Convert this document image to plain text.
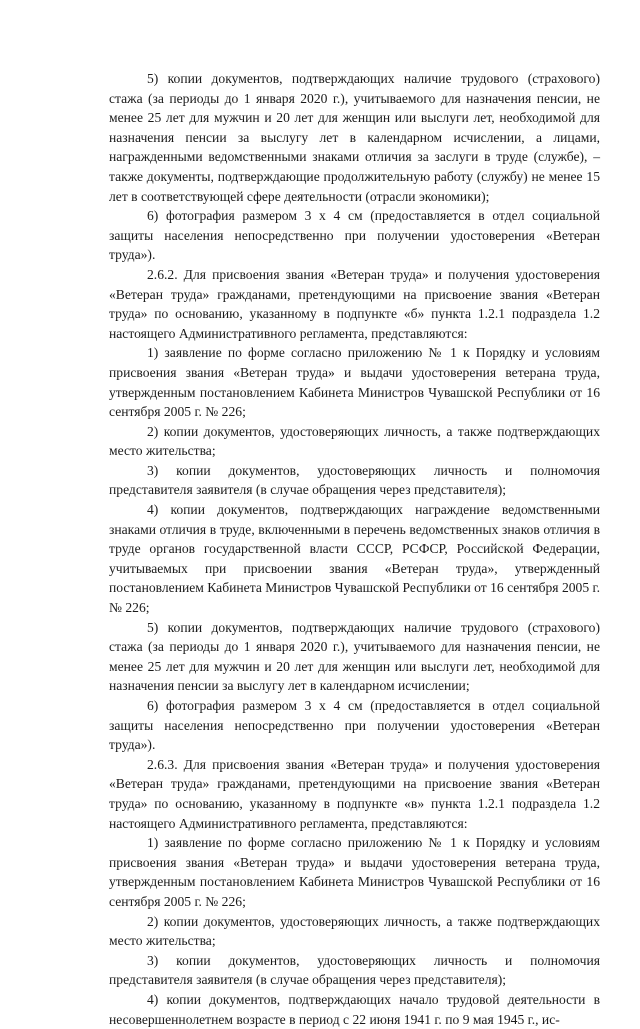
5) копии документов, подтверждающих наличие трудового (страхового) стажа (за периоды до 1 января 2020 г.), учитываемого для назначения пенсии, не менее 25 лет для мужчин и 20 лет для женщин или выслуги лет, необходимой для назначения пенсии за выслугу лет в календарном исчислении, а лицами, награжденными ведомственными знаками отличия за заслуги в труде (службе), – также документы, подтверждающие продолжительную работу (службу) не менее 15 лет в соответствующей сфере деятельности (отрасли экономики);

6) фотография размером 3 х 4 см (предоставляется в отдел социальной защиты населения непосредственно при получении удостоверения «Ветеран труда»).

2.6.2. Для присвоения звания «Ветеран труда» и получения удостоверения «Ветеран труда» гражданами, претендующими на присвоение звания «Ветеран труда» по основанию, указанному в подпункте «б» пункта 1.2.1 подраздела 1.2 настоящего Административного регламента, представляются:

1) заявление по форме согласно приложению № 1 к Порядку и условиям присвоения звания «Ветеран труда» и выдачи удостоверения ветерана труда, утвержденным постановлением Кабинета Министров Чувашской Республики от 16 сентября 2005 г. № 226;

2) копии документов, удостоверяющих личность, а также подтверждающих место жительства;

3) копии документов, удостоверяющих личность и полномочия представителя заявителя (в случае обращения через представителя);

4) копии документов, подтверждающих награждение ведомственными знаками отличия в труде, включенными в перечень ведомственных знаков отличия в труде органов государственной власти СССР, РСФСР, Российской Федерации, учитываемых при присвоении звания «Ветеран труда», утвержденный постановлением Кабинета Министров Чувашской Республики от 16 сентября 2005 г. № 226;

5) копии документов, подтверждающих наличие трудового (страхового) стажа (за периоды до 1 января 2020 г.), учитываемого для назначения пенсии, не менее 25 лет для мужчин и 20 лет для женщин или выслуги лет, необходимой для назначения пенсии за выслугу лет в календарном исчислении;

6) фотография размером 3 х 4 см (предоставляется в отдел социальной защиты населения непосредственно при получении удостоверения «Ветеран труда»).

2.6.3. Для присвоения звания «Ветеран труда» и получения удостоверения «Ветеран труда» гражданами, претендующими на присвоение звания «Ветеран труда» по основанию, указанному в подпункте «в» пункта 1.2.1 подраздела 1.2 настоящего Административного регламента, представляются:

1) заявление по форме согласно приложению № 1 к Порядку и условиям присвоения звания «Ветеран труда» и выдачи удостоверения ветерана труда, утвержденным постановлением Кабинета Министров Чувашской Республики от 16 сентября 2005 г. № 226;

2) копии документов, удостоверяющих личность, а также подтверждающих место жительства;

3) копии документов, удостоверяющих личность и полномочия представителя заявителя (в случае обращения через представителя);

4) копии документов, подтверждающих начало трудовой деятельности в несовершеннолетнем возрасте в период с 22 июня 1941 г. по 9 мая 1945 г., ис-
